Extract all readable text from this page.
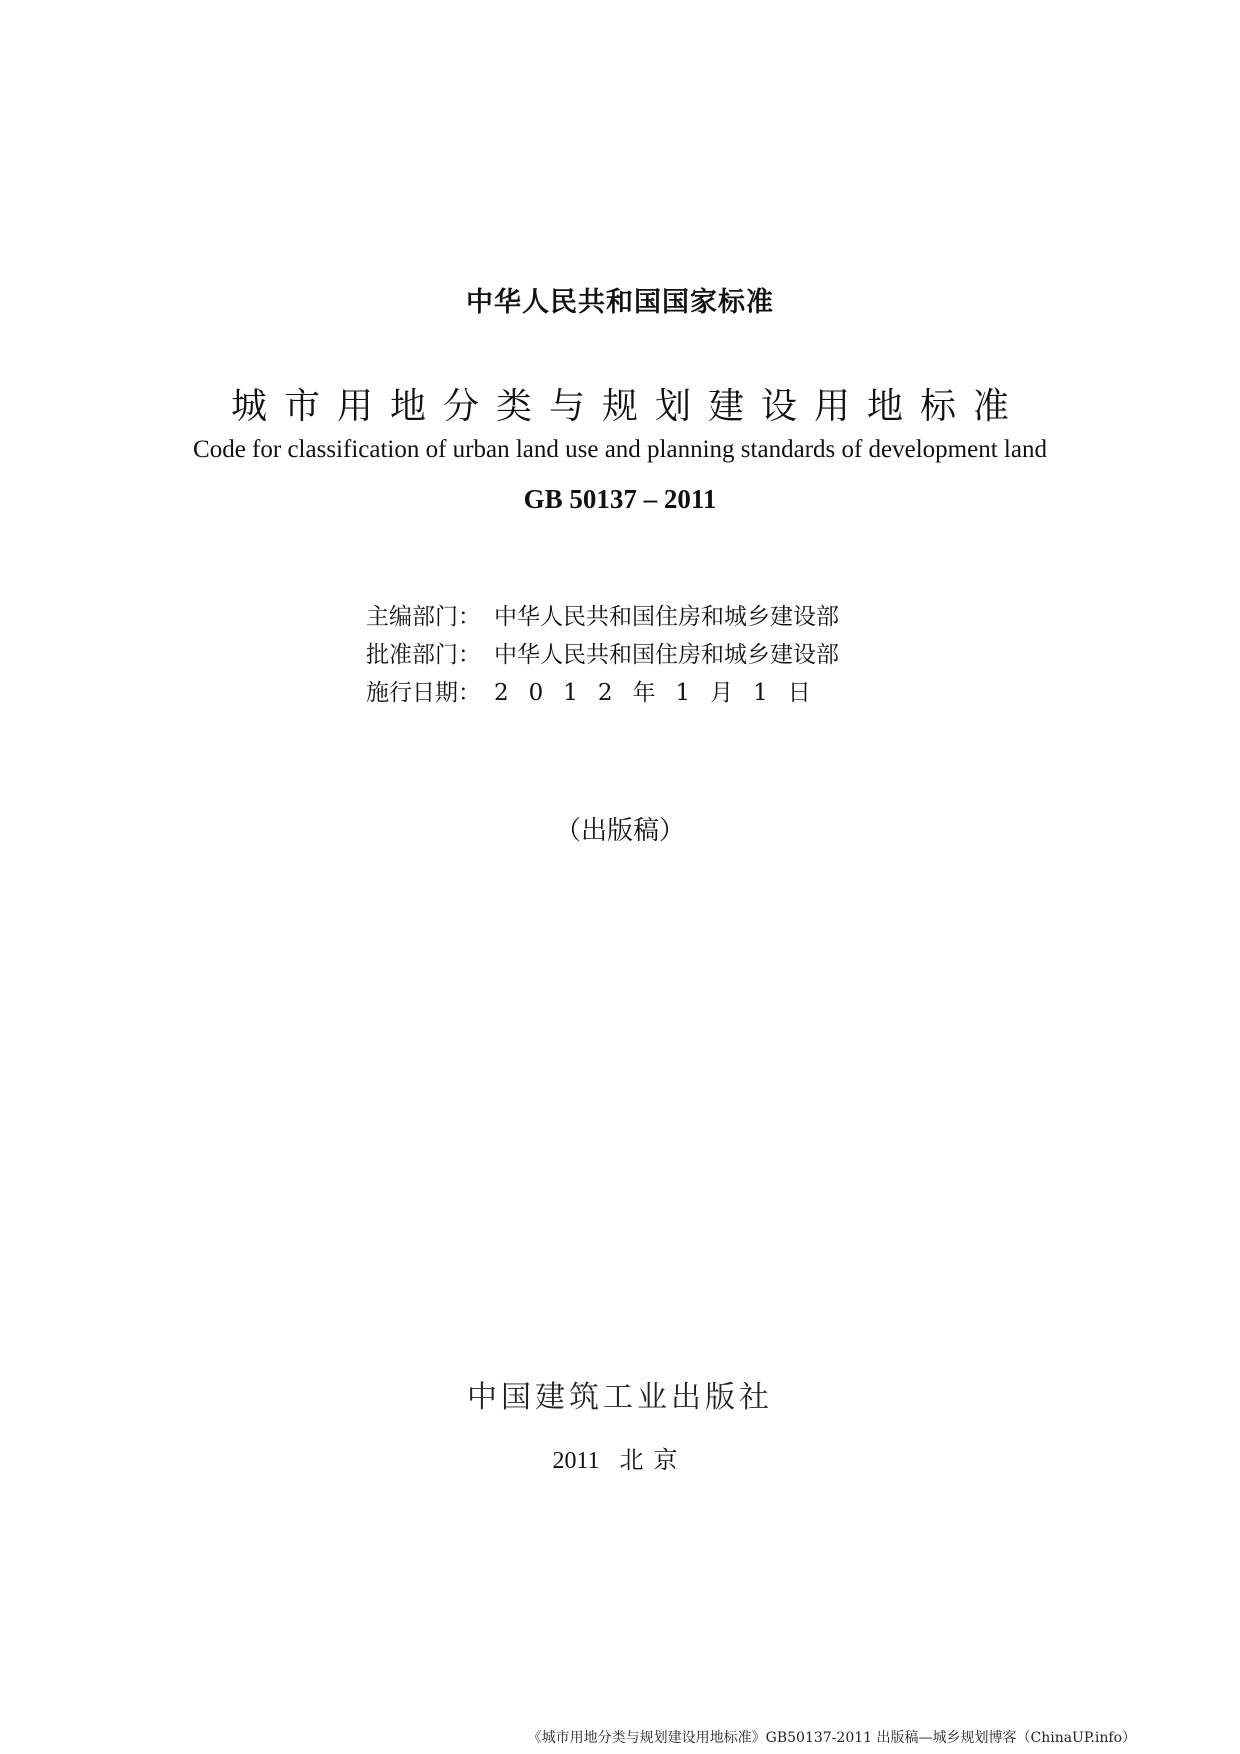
中华人民共和国国家标准
城市用地分类与规划建设用地标准
Code for classification of urban land use and planning standards of development land
GB 50137 – 2011
主编部门： 中华人民共和国住房和城乡建设部
批准部门： 中华人民共和国住房和城乡建设部
施行日期： 2012年1月1日
（出版稿）
中国建筑工业出版社
2011 北京
《城市用地分类与规划建设用地标准》GB50137-2011 出版稿—城乡规划博客（ChinaUP.info）
